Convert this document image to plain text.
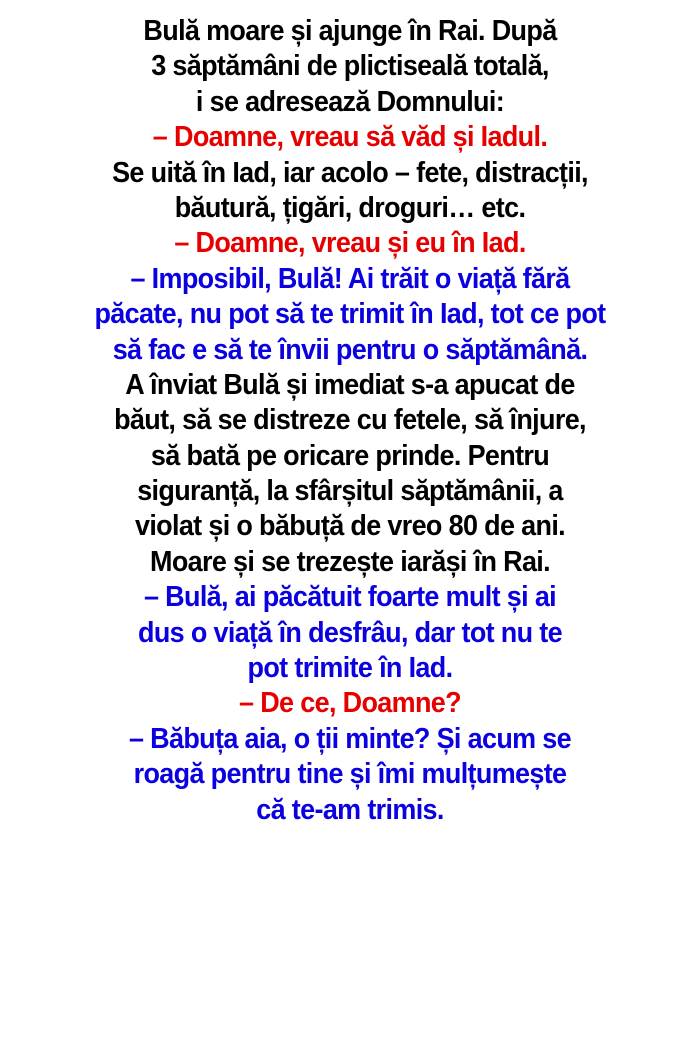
Bulă moare și ajunge în Rai. După
3 săptămâni de plictiseală totală,
i se adresează Domnului:
– Doamne, vreau să văd și Iadul.
Se uită în Iad, iar acolo – fete, distracții,
băutură, țigări, droguri… etc.
– Doamne, vreau și eu în Iad.
– Imposibil, Bulă! Ai trăit o viață fără
păcate, nu pot să te trimit în Iad, tot ce pot
să fac e să te învii pentru o săptămână.
A înviat Bulă și imediat s-a apucat de
băut, să se distreze cu fetele, să înjure,
să bată pe oricare prinde. Pentru
siguranță, la sfârșitul săptămânii, a
violat și o băbuță de vreo 80 de ani.
Moare și se trezește iarăși în Rai.
– Bulă, ai păcătuit foarte mult și ai
dus o viață în desfrâu, dar tot nu te
pot trimite în Iad.
– De ce, Doamne?
– Băbuța aia, o ții minte? Și acum se
roagă pentru tine și îmi mulțumește
că te-am trimis.
